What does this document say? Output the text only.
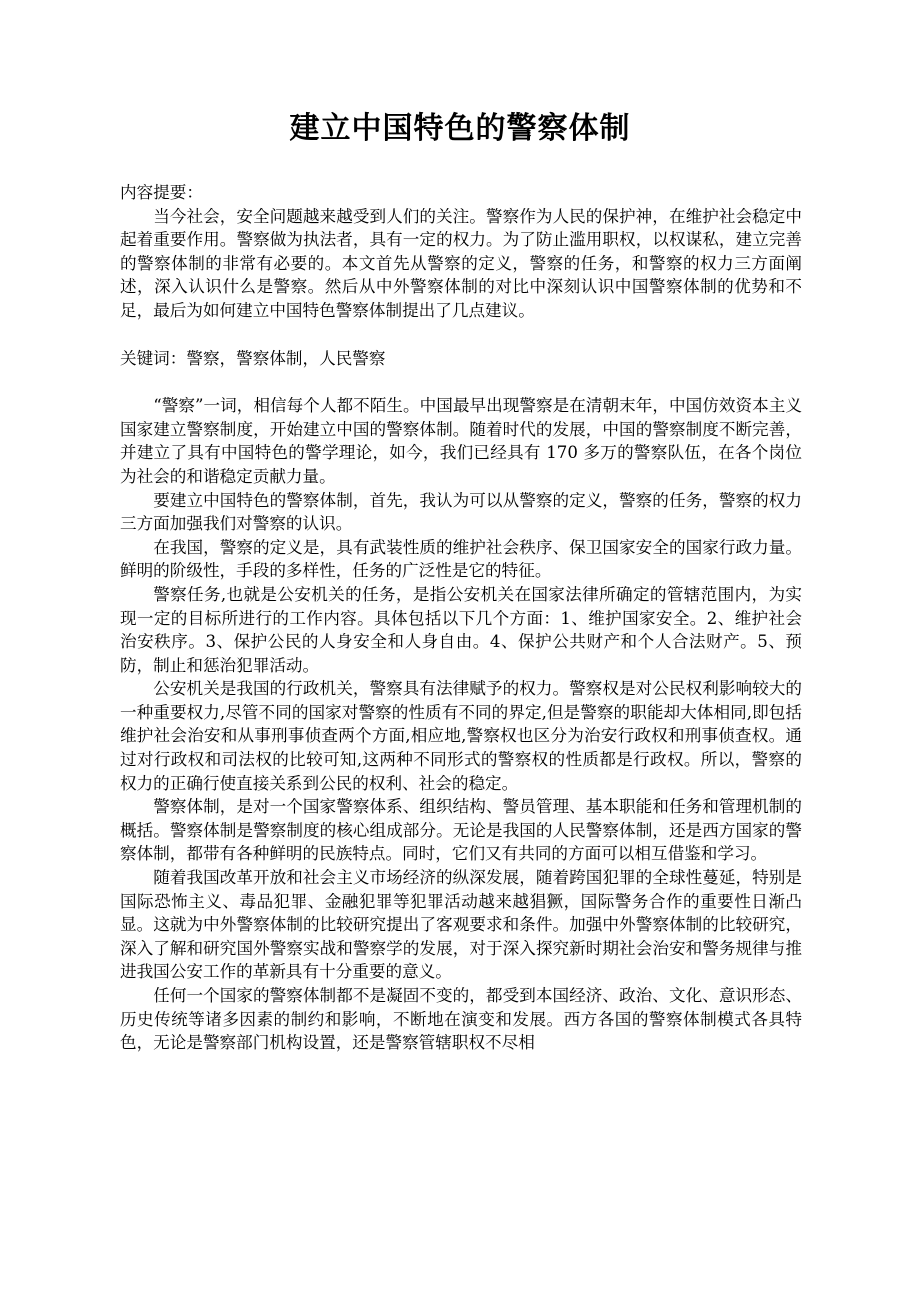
建立中国特色的警察体制

内容提要：

当今社会，安全问题越来越受到人们的关注。警察作为人民的保护神，在维护社会稳定中起着重要作用。警察做为执法者，具有一定的权力。为了防止滥用职权，以权谋私，建立完善的警察体制的非常有必要的。本文首先从警察的定义，警察的任务，和警察的权力三方面阐述，深入认识什么是警察。然后从中外警察体制的对比中深刻认识中国警察体制的优势和不足，最后为如何建立中国特色警察体制提出了几点建议。

关键词：警察，警察体制，人民警察

“警察”一词，相信每个人都不陌生。中国最早出现警察是在清朝末年，中国仿效资本主义国家建立警察制度，开始建立中国的警察体制。随着时代的发展，中国的警察制度不断完善，并建立了具有中国特色的警学理论，如今，我们已经具有 170 多万的警察队伍，在各个岗位为社会的和谐稳定贡献力量。

要建立中国特色的警察体制，首先，我认为可以从警察的定义，警察的任务，警察的权力三方面加强我们对警察的认识。

在我国，警察的定义是，具有武装性质的维护社会秩序、保卫国家安全的国家行政力量。鲜明的阶级性，手段的多样性，任务的广泛性是它的特征。

警察任务,也就是公安机关的任务，是指公安机关在国家法律所确定的管辖范围内，为实现一定的目标所进行的工作内容。具体包括以下几个方面：1、维护国家安全。2、维护社会治安秩序。3、保护公民的人身安全和人身自由。4、保护公共财产和个人合法财产。5、预防，制止和惩治犯罪活动。

公安机关是我国的行政机关，警察具有法律赋予的权力。警察权是对公民权利影响较大的一种重要权力,尽管不同的国家对警察的性质有不同的界定,但是警察的职能却大体相同,即包括维护社会治安和从事刑事侦查两个方面,相应地,警察权也区分为治安行政权和刑事侦查权。通过对行政权和司法权的比较可知,这两种不同形式的警察权的性质都是行政权。所以，警察的权力的正确行使直接关系到公民的权利、社会的稳定。

警察体制，是对一个国家警察体系、组织结构、警员管理、基本职能和任务和管理机制的概括。警察体制是警察制度的核心组成部分。无论是我国的人民警察体制，还是西方国家的警察体制，都带有各种鲜明的民族特点。同时，它们又有共同的方面可以相互借鉴和学习。

随着我国改革开放和社会主义市场经济的纵深发展，随着跨国犯罪的全球性蔓延，特别是国际恐怖主义、毒品犯罪、金融犯罪等犯罪活动越来越猖獗，国际警务合作的重要性日渐凸显。这就为中外警察体制的比较研究提出了客观要求和条件。加强中外警察体制的比较研究，深入了解和研究国外警察实战和警察学的发展，对于深入探究新时期社会治安和警务规律与推进我国公安工作的革新具有十分重要的意义。

任何一个国家的警察体制都不是凝固不变的，都受到本国经济、政治、文化、意识形态、历史传统等诸多因素的制约和影响，不断地在演变和发展。西方各国的警察体制模式各具特色，无论是警察部门机构设置，还是警察管辖职权不尽相
